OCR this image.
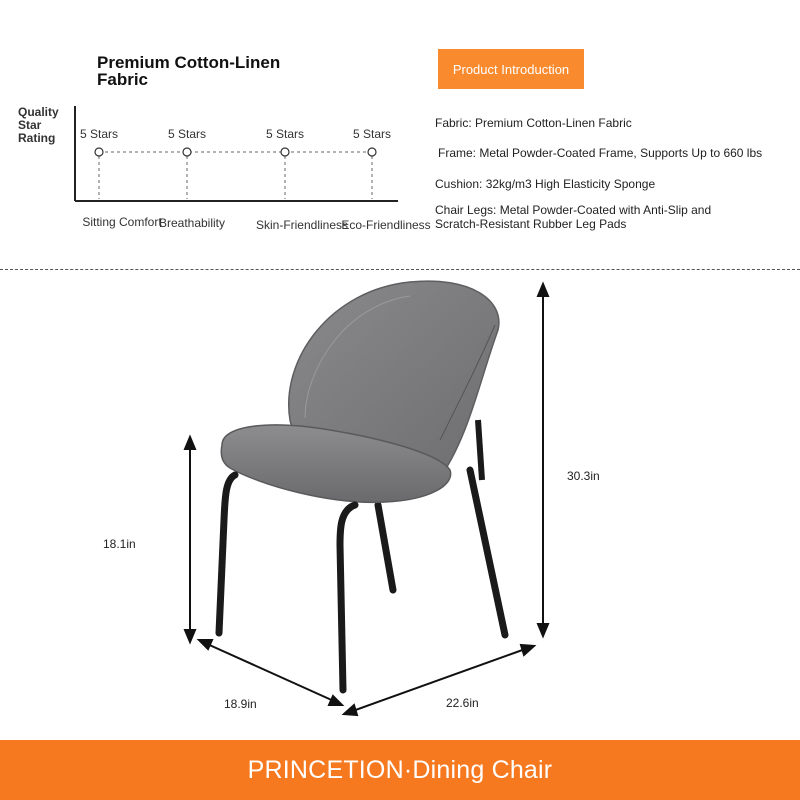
Premium Cotton-Linen Fabric
Product Introduction
Quality Star Rating	5 Stars	5 Stars	5 Stars	5 Stars
Sitting Comfort
Breathability	Skin-Friendliness
Eco-Friendliness
Fabric: Premium Cotton-Linen Fabric
Frame: Metal Powder-Coated Frame, Supports Up to 660 lbs
Cushion: 32kg/m3 High Elasticity Sponge
Chair Legs: Metal Powder-Coated with Anti-Slip and Scratch-Resistant Rubber Leg Pads
18.1in
30.3in
18.9in	22.6in
PRINCETION·Dining Chair
